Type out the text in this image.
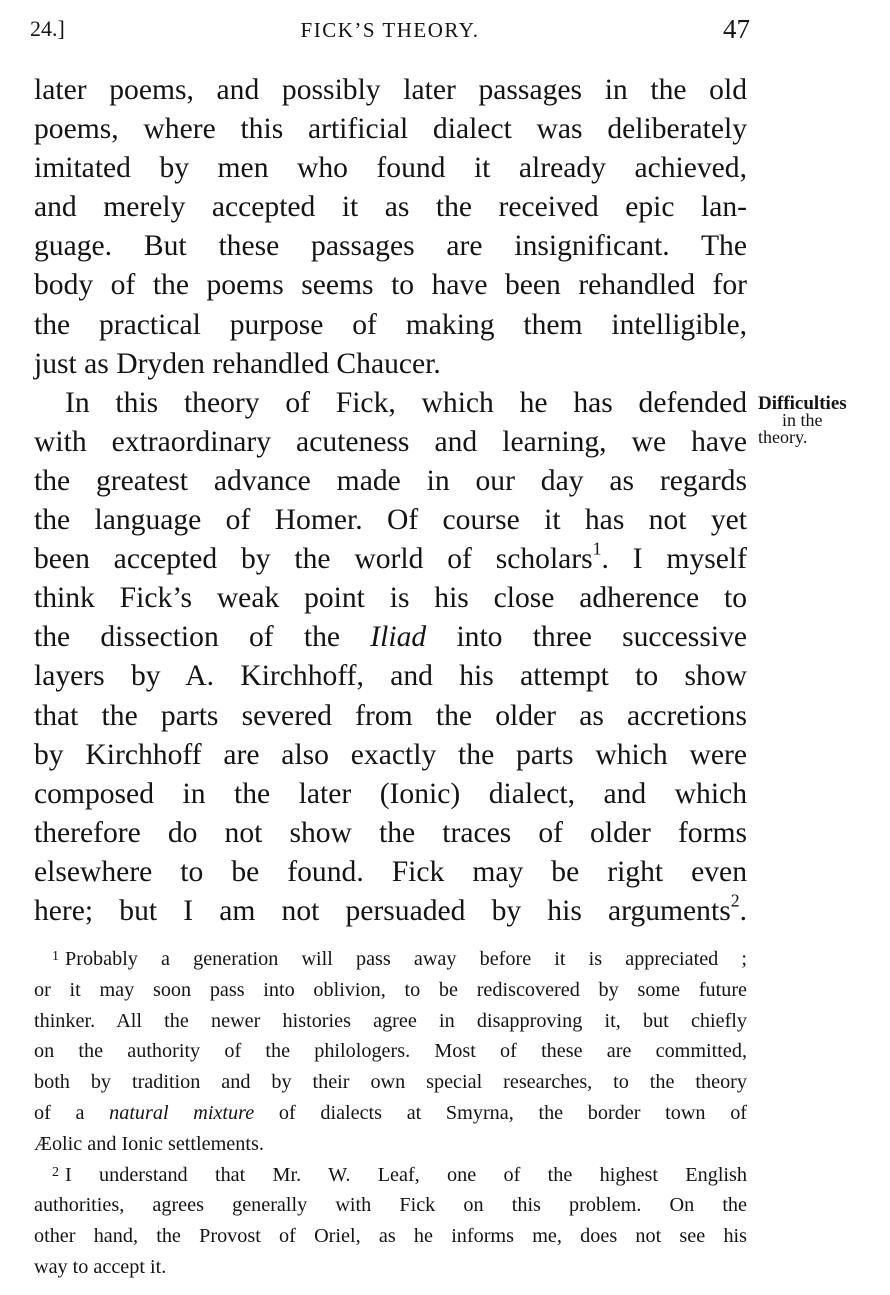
24.]	FICK’S THEORY.	47
later poems, and possibly later passages in the old
poems, where this artificial dialect was deliberately
imitated by men who found it already achieved,
and merely accepted it as the received epic lan-
guage. But these passages are insignificant. The
body of the poems seems to have been rehandled for
the practical purpose of making them intelligible,
just as Dryden rehandled Chaucer.
In this theory of Fick, which he has defended
with extraordinary acuteness and learning, we have
the greatest advance made in our day as regards
the language of Homer. Of course it has not yet
been accepted by the world of scholars$^1$. I myself
think Fick’s weak point is his close adherence to
the dissection of the Iliad into three successive
layers by A. Kirchhoff, and his attempt to show
that the parts severed from the older as accretions
by Kirchhoff are also exactly the parts which were
composed in the later (Ionic) dialect, and which
therefore do not show the traces of older forms
elsewhere to be found. Fick may be right even
here; but I am not persuaded by his arguments$^2$.
Difficulties
in the
theory.
$^1$ Probably a generation will pass away before it is appreciated ;
or it may soon pass into oblivion, to be rediscovered by some future
thinker. All the newer histories agree in disapproving it, but chiefly
on the authority of the philologers. Most of these are committed,
both by tradition and by their own special researches, to the theory
of a natural mixture of dialects at Smyrna, the border town of
Æolic and Ionic settlements.
$^2$ I understand that Mr. W. Leaf, one of the highest English
authorities, agrees generally with Fick on this problem. On the
other hand, the Provost of Oriel, as he informs me, does not see his
way to accept it.
